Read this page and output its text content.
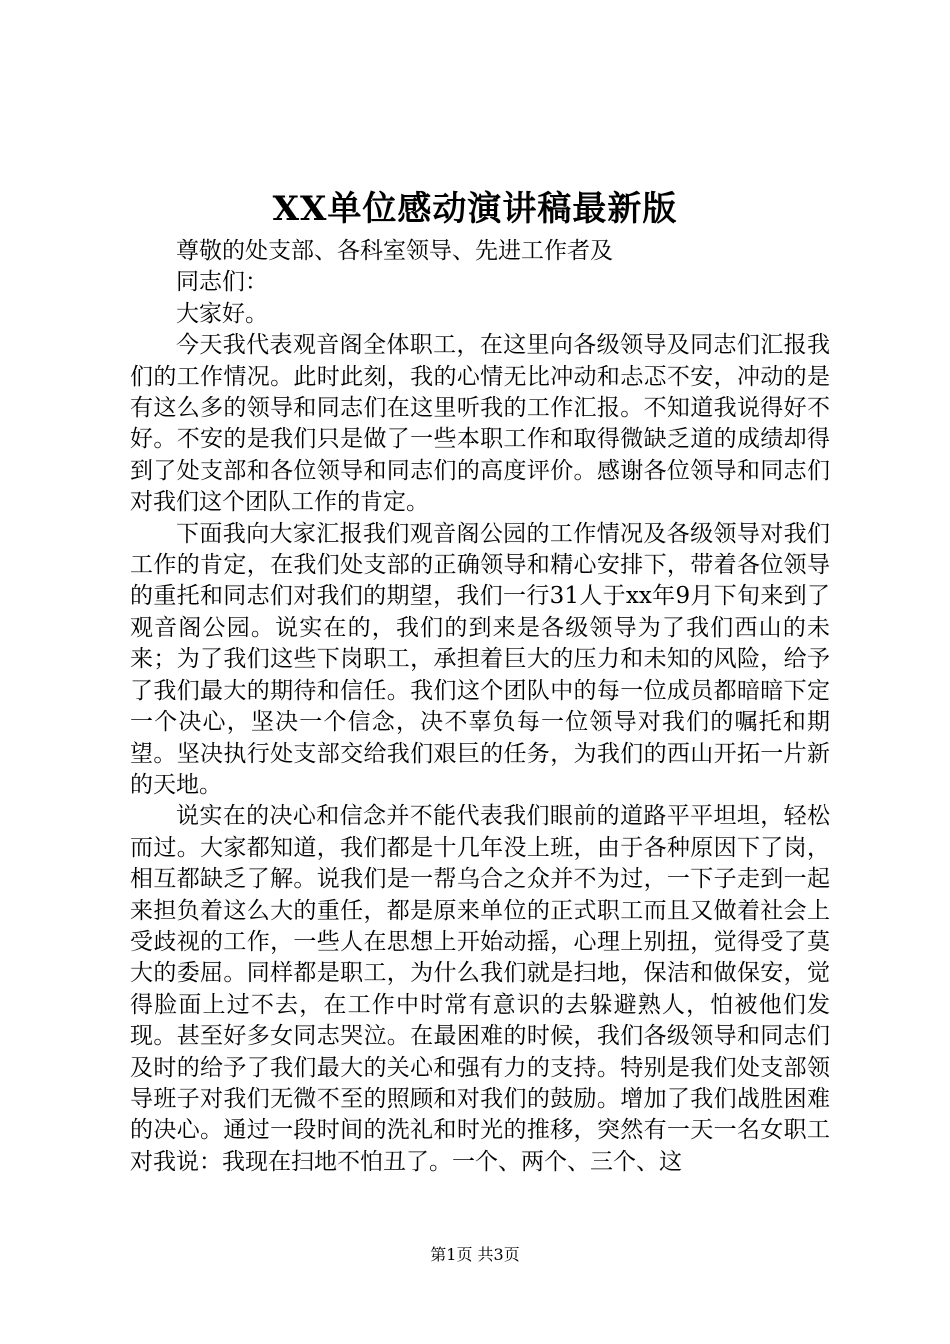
XX单位感动演讲稿最新版

尊敬的处支部、各科室领导、先进工作者及

同志们：

大家好。

今天我代表观音阁全体职工，在这里向各级领导及同志们汇报我们的工作情况。此时此刻，我的心情无比冲动和忐忑不安，冲动的是有这么多的领导和同志们在这里听我的工作汇报。不知道我说得好不好。不安的是我们只是做了一些本职工作和取得微缺乏道的成绩却得到了处支部和各位领导和同志们的高度评价。感谢各位领导和同志们对我们这个团队工作的肯定。

下面我向大家汇报我们观音阁公园的工作情况及各级领导对我们工作的肯定，在我们处支部的正确领导和精心安排下，带着各位领导的重托和同志们对我们的期望，我们一行31人于xx年9月下旬来到了观音阁公园。说实在的，我们的到来是各级领导为了我们西山的未来；为了我们这些下岗职工，承担着巨大的压力和未知的风险，给予了我们最大的期待和信任。我们这个团队中的每一位成员都暗暗下定一个决心，坚决一个信念，决不辜负每一位领导对我们的嘱托和期望。坚决执行处支部交给我们艰巨的任务，为我们的西山开拓一片新的天地。

说实在的决心和信念并不能代表我们眼前的道路平平坦坦，轻松而过。大家都知道，我们都是十几年没上班，由于各种原因下了岗，相互都缺乏了解。说我们是一帮乌合之众并不为过，一下子走到一起来担负着这么大的重任，都是原来单位的正式职工而且又做着社会上受歧视的工作，一些人在思想上开始动摇，心理上别扭，觉得受了莫大的委屈。同样都是职工，为什么我们就是扫地，保洁和做保安，觉得脸面上过不去，在工作中时常有意识的去躲避熟人，怕被他们发现。甚至好多女同志哭泣。在最困难的时候，我们各级领导和同志们及时的给予了我们最大的关心和强有力的支持。特别是我们处支部领导班子对我们无微不至的照顾和对我们的鼓励。增加了我们战胜困难的决心。通过一段时间的洗礼和时光的推移，突然有一天一名女职工对我说：我现在扫地不怕丑了。一个、两个、三个、这

第1页 共3页
